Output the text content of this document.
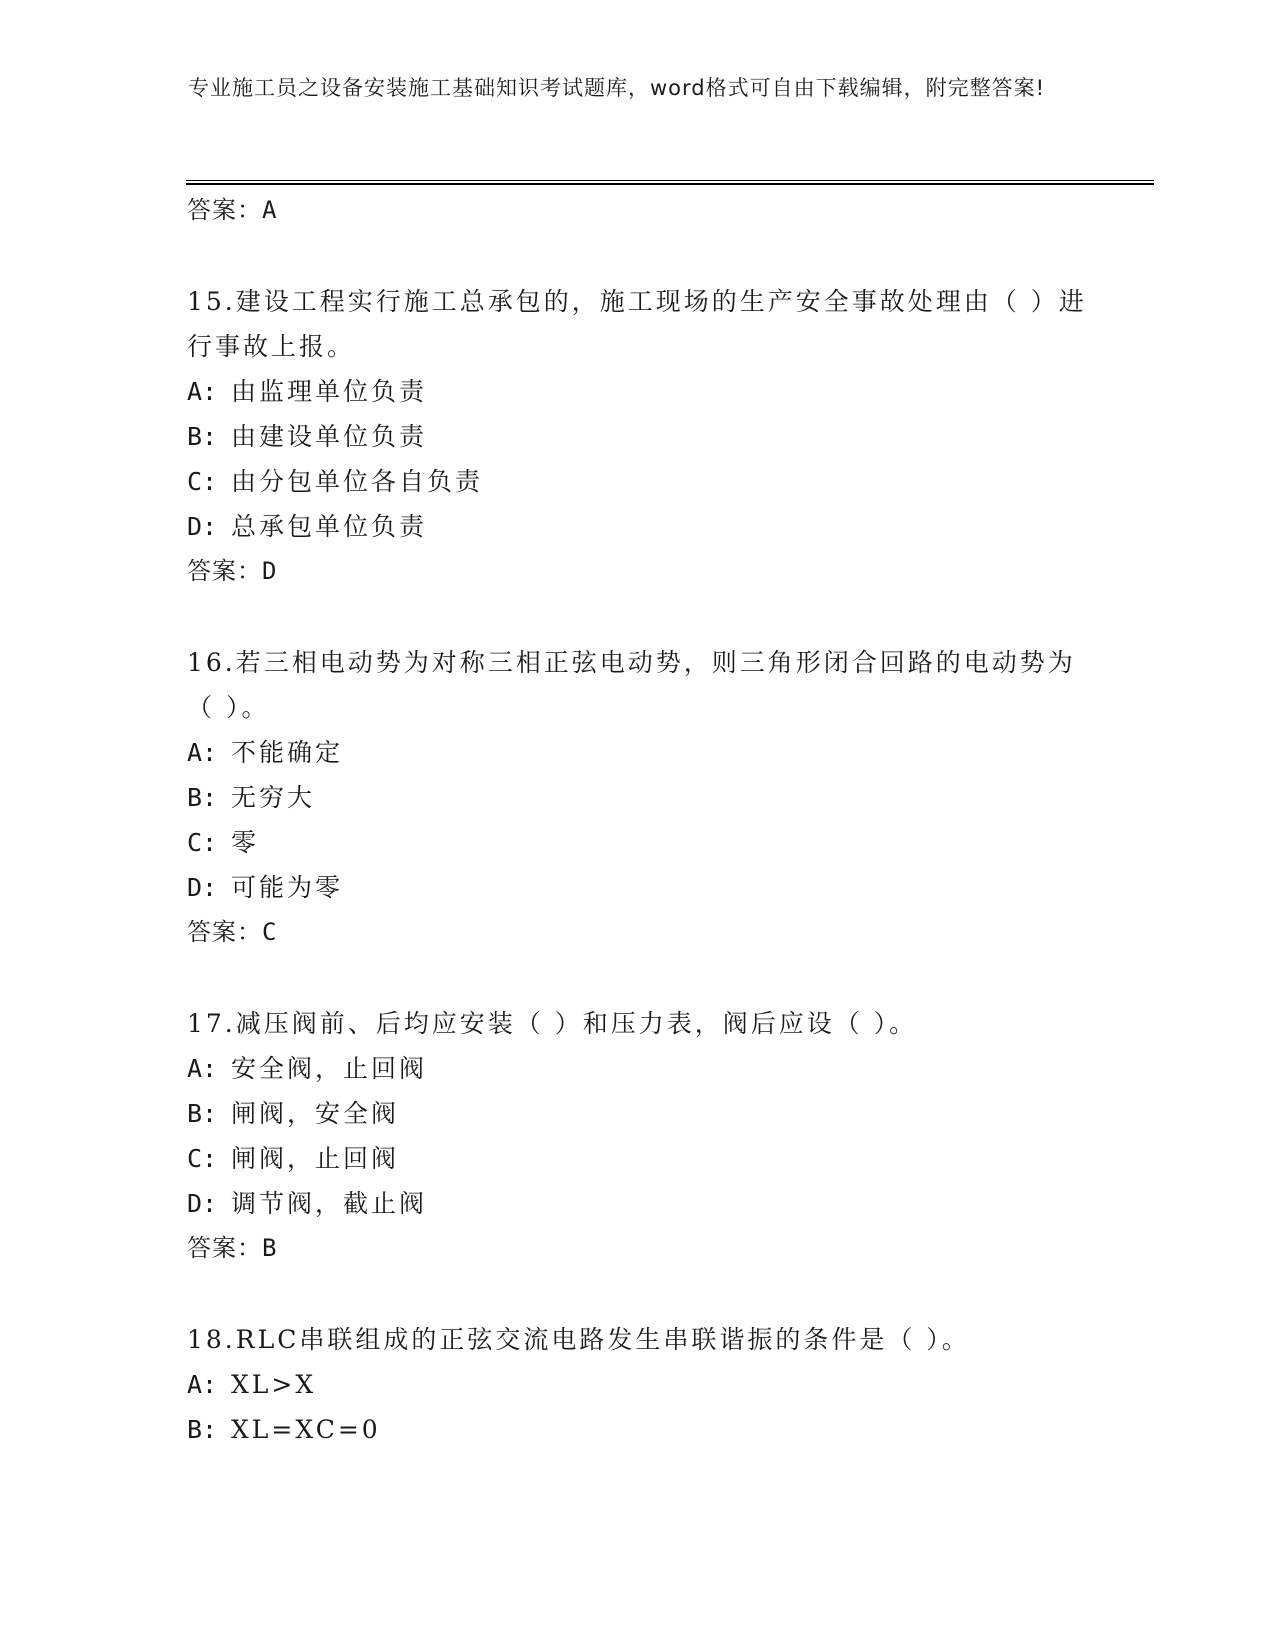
专业施工员之设备安装施工基础知识考试题库，word格式可自由下载编辑，附完整答案!
答案：A
15.建设工程实行施工总承包的，施工现场的生产安全事故处理由（ ）进行事故上报。
A: 由监理单位负责
B: 由建设单位负责
C: 由分包单位各自负责
D: 总承包单位负责
答案：D
16.若三相电动势为对称三相正弦电动势，则三角形闭合回路的电动势为（ ）。
A: 不能确定
B: 无穷大
C: 零
D: 可能为零
答案：C
17.减压阀前、后均应安装（ ）和压力表，阀后应设（ ）。
A: 安全阀，止回阀
B: 闸阀，安全阀
C: 闸阀，止回阀
D: 调节阀，截止阀
答案：B
18.RLC串联组成的正弦交流电路发生串联谐振的条件是（ ）。
A: XL>X
B: XL=XC=0
